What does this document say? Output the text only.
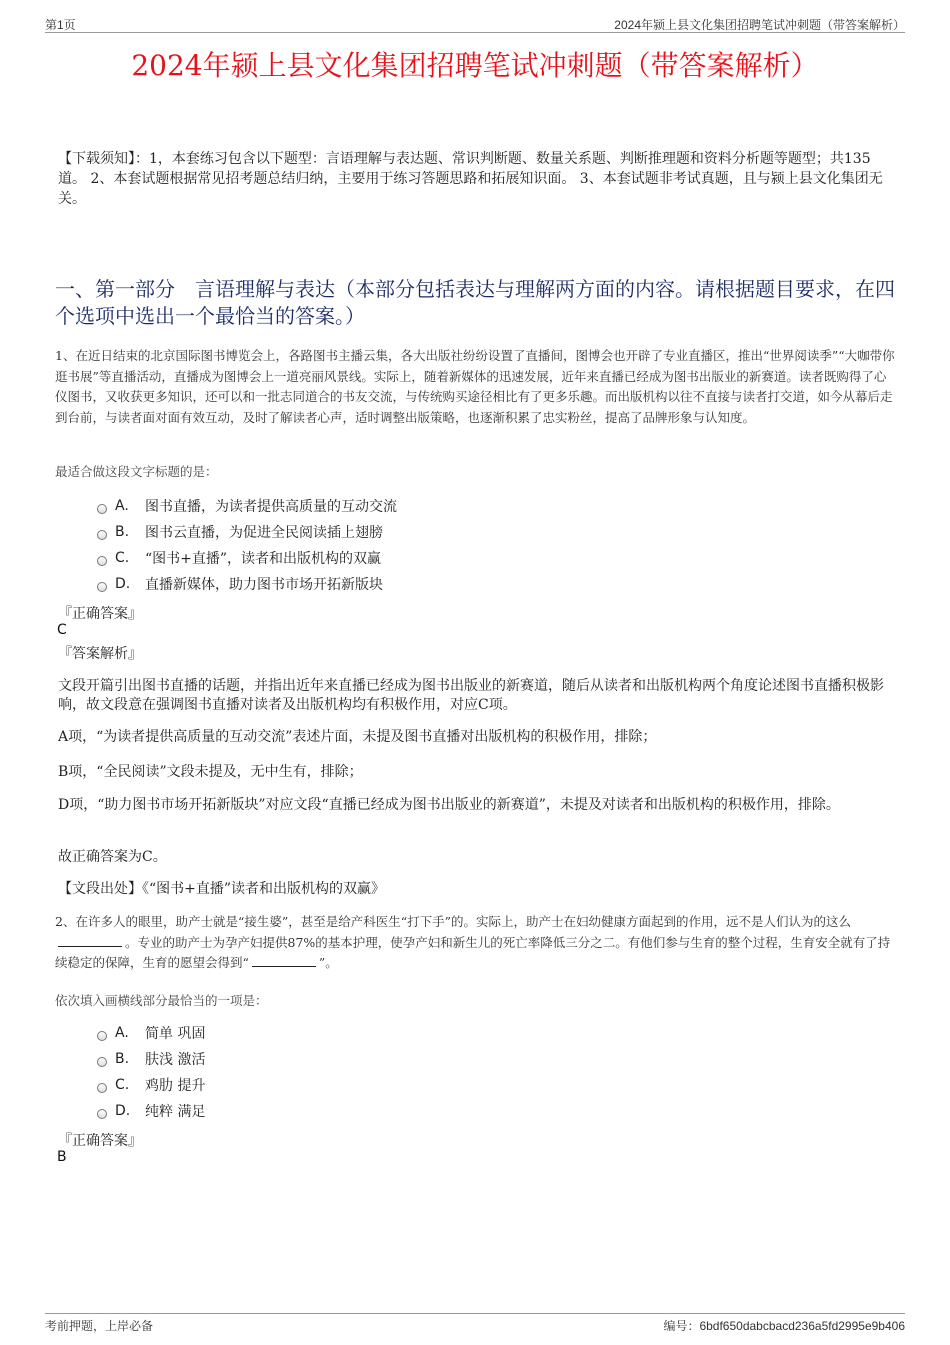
第1页	2024年颍上县文化集团招聘笔试冲刺题（带答案解析）
2024年颍上县文化集团招聘笔试冲刺题（带答案解析）
【下载须知】：1，本套练习包含以下题型：言语理解与表达题、常识判断题、数量关系题、判断推理题和资料分析题等题型；共135道。 2、本套试题根据常见招考题总结归纳，主要用于练习答题思路和拓展知识面。 3、本套试题非考试真题，且与颍上县文化集团无关。
一、第一部分　言语理解与表达（本部分包括表达与理解两方面的内容。请根据题目要求，在四个选项中选出一个最恰当的答案。）
1、在近日结束的北京国际图书博览会上，各路图书主播云集，各大出版社纷纷设置了直播间，图博会也开辟了专业直播区，推出“世界阅读季”“大咖带你逛书展”等直播活动，直播成为图博会上一道亮丽风景线。实际上，随着新媒体的迅速发展，近年来直播已经成为图书出版业的新赛道。读者既购得了心仪图书，又收获更多知识，还可以和一批志同道合的书友交流，与传统购买途径相比有了更多乐趣。而出版机构以往不直接与读者打交道，如今从幕后走到台前，与读者面对面有效互动，及时了解读者心声，适时调整出版策略，也逐渐积累了忠实粉丝，提高了品牌形象与认知度。
最适合做这段文字标题的是：
A.	图书直播，为读者提供高质量的互动交流
B.	图书云直播，为促进全民阅读插上翅膀
C.	“图书+直播”，读者和出版机构的双赢
D.	直播新媒体，助力图书市场开拓新版块
『正确答案』
C
『答案解析』
文段开篇引出图书直播的话题，并指出近年来直播已经成为图书出版业的新赛道，随后从读者和出版机构两个角度论述图书直播积极影响，故文段意在强调图书直播对读者及出版机构均有积极作用，对应C项。
A项，“为读者提供高质量的互动交流”表述片面，未提及图书直播对出版机构的积极作用，排除；
B项，“全民阅读”文段未提及，无中生有，排除；
D项，“助力图书市场开拓新版块”对应文段“直播已经成为图书出版业的新赛道”，未提及对读者和出版机构的积极作用，排除。
故正确答案为C。
【文段出处】《“图书+直播”读者和出版机构的双赢》
2、在许多人的眼里，助产士就是“接生婆”，甚至是给产科医生“打下手”的。实际上，助产士在妇幼健康方面起到的作用，远不是人们认为的这么。专业的助产士为孕产妇提供87%的基本护理，使孕产妇和新生儿的死亡率降低三分之二。有他们参与生育的整个过程，生育安全就有了持续稳定的保障，生育的愿望会得到“	”。
依次填入画横线部分最恰当的一项是：
A.	简单 巩固
B.	肤浅 激活
C.	鸡肋 提升
D.	纯粹 满足
『正确答案』
B
考前押题，上岸必备	编号：6bdf650dabcbacd236a5fd2995e9b406
